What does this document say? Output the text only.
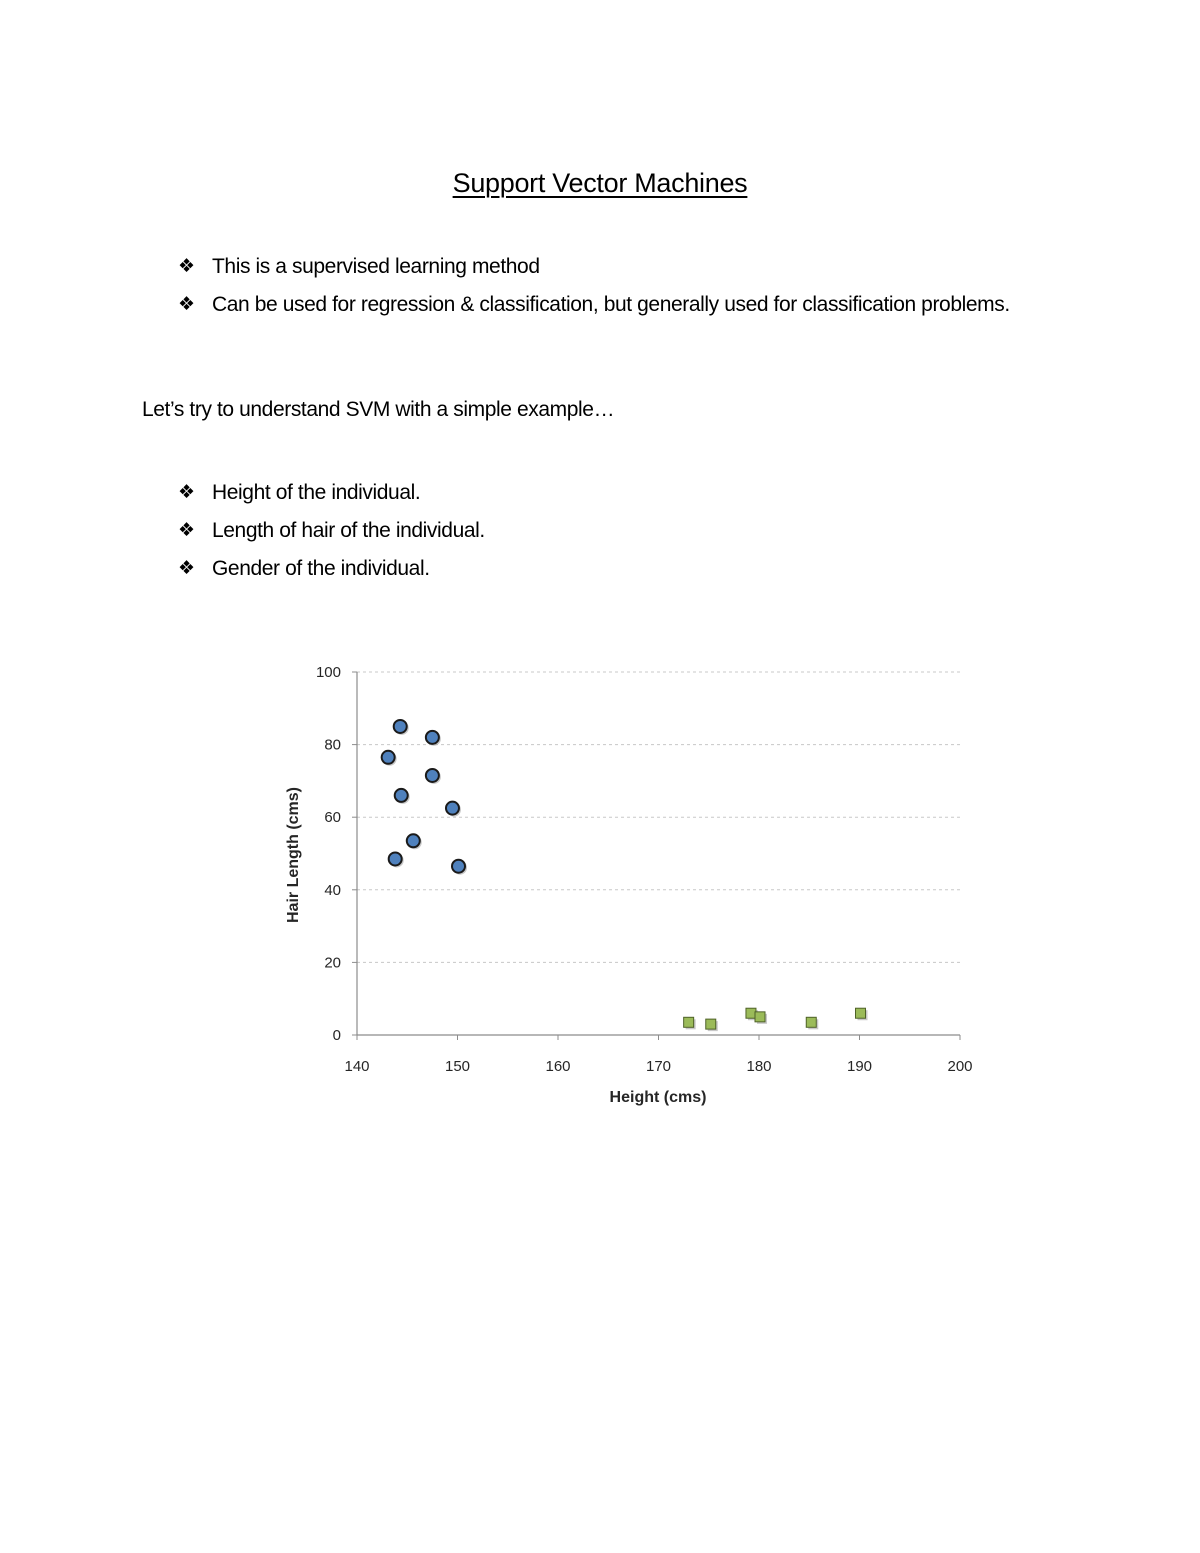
Support Vector Machines
❖ This is a supervised learning method
❖ Can be used for regression & classification, but generally used for classification problems.
Let’s try to understand SVM with a simple example…
❖ Height of the individual.
❖ Length of hair of the individual.
❖ Gender of the individual.
0
20
40
60
80
100
140	150	160	170	180	190	200
Height (cms)
Hair Length (cms)
